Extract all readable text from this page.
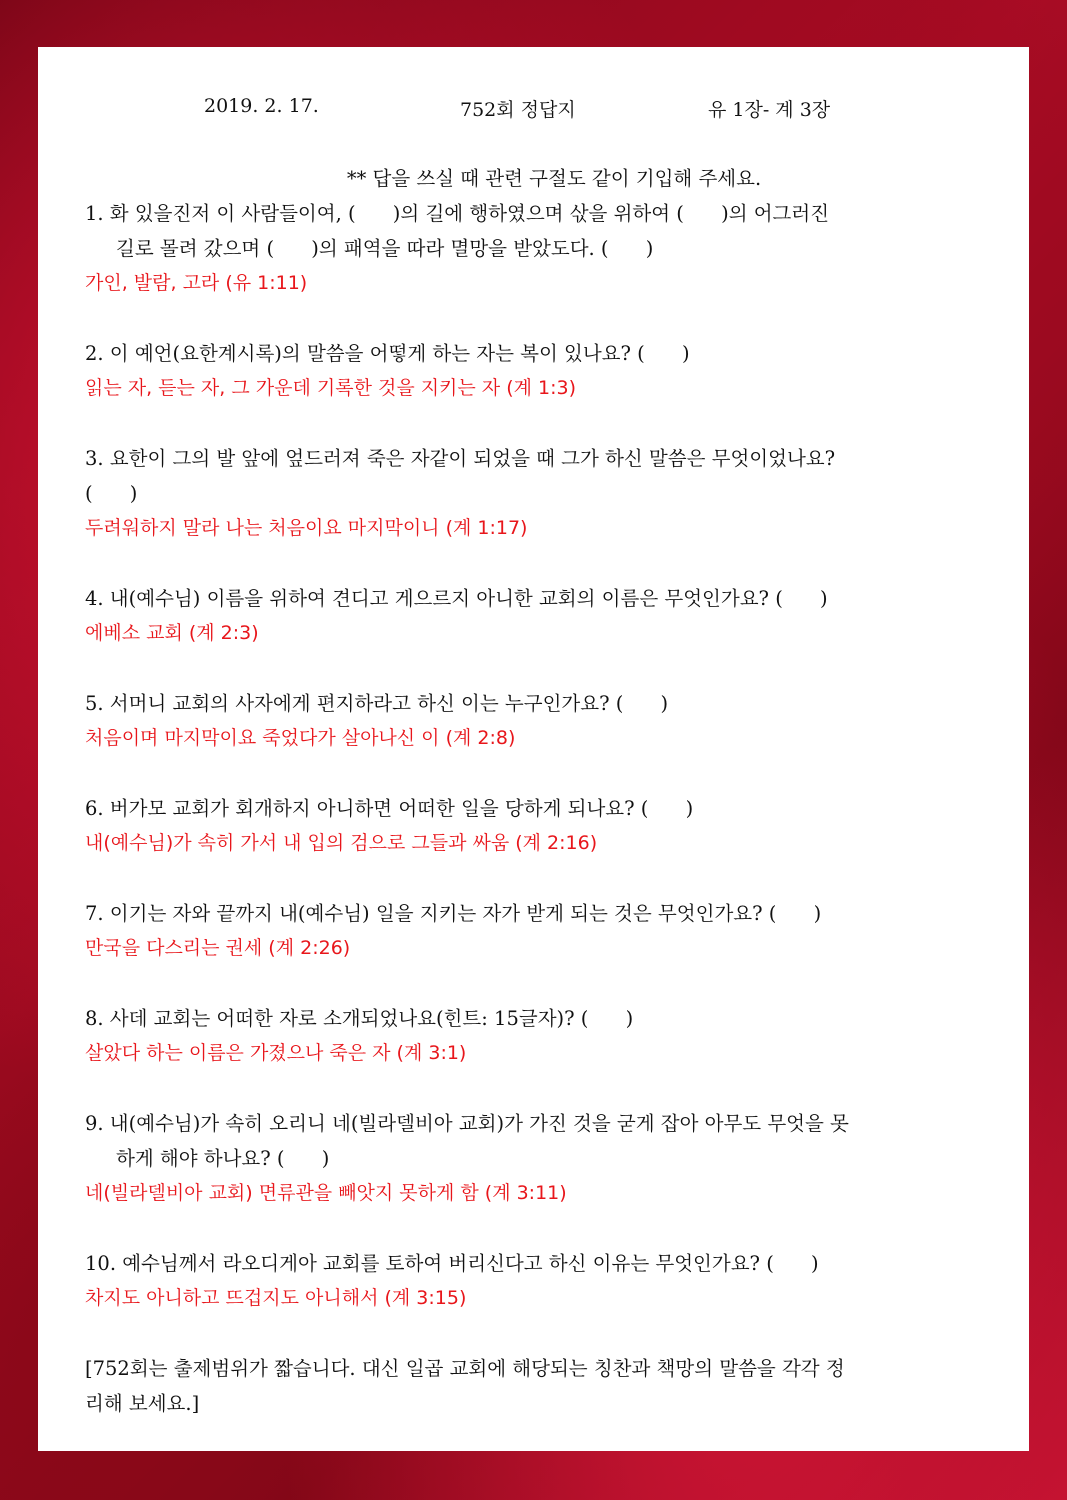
2019. 2. 17.	752회 정답지	유 1장- 계 3장
** 답을 쓰실 때 관련 구절도 같이 기입해 주세요.
1. 화 있을진저 이 사람들이여, (      )의 길에 행하였으며 삯을 위하여 (      )의 어그러진
길로 몰려 갔으며 (      )의 패역을 따라 멸망을 받았도다. (      )
가인, 발람, 고라 (유 1:11)
2. 이 예언(요한계시록)의 말씀을 어떻게 하는 자는 복이 있나요? (      )
읽는 자, 듣는 자, 그 가운데 기록한 것을 지키는 자 (계 1:3)
3. 요한이 그의 발 앞에 엎드러져 죽은 자같이 되었을 때 그가 하신 말씀은 무엇이었나요?
(      )
두려워하지 말라 나는 처음이요 마지막이니 (계 1:17)
4. 내(예수님) 이름을 위하여 견디고 게으르지 아니한 교회의 이름은 무엇인가요? (      )
에베소 교회 (계 2:3)
5. 서머니 교회의 사자에게 편지하라고 하신 이는 누구인가요? (      )
처음이며 마지막이요 죽었다가 살아나신 이 (계 2:8)
6. 버가모 교회가 회개하지 아니하면 어떠한 일을 당하게 되나요? (      )
내(예수님)가 속히 가서 내 입의 검으로 그들과 싸움 (계 2:16)
7. 이기는 자와 끝까지 내(예수님) 일을 지키는 자가 받게 되는 것은 무엇인가요? (      )
만국을 다스리는 권세 (계 2:26)
8. 사데 교회는 어떠한 자로 소개되었나요(힌트: 15글자)? (      )
살았다 하는 이름은 가졌으나 죽은 자 (계 3:1)
9. 내(예수님)가 속히 오리니 네(빌라델비아 교회)가 가진 것을 굳게 잡아 아무도 무엇을 못
하게 해야 하나요? (      )
네(빌라델비아 교회) 면류관을 빼앗지 못하게 함 (계 3:11)
10. 예수님께서 라오디게아 교회를 토하여 버리신다고 하신 이유는 무엇인가요? (      )
차지도 아니하고 뜨겁지도 아니해서 (계 3:15)
[752회는 출제범위가 짧습니다. 대신 일곱 교회에 해당되는 칭찬과 책망의 말씀을 각각 정
리해 보세요.]
